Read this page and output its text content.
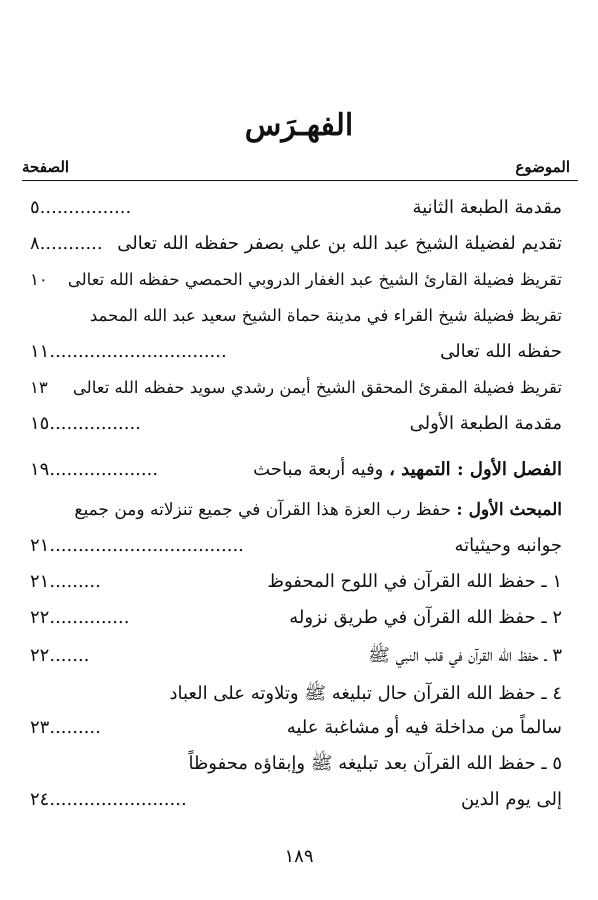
الفهـرَس
الموضوع
الصفحة
مقدمة الطبعة الثانية
٥................
تقديم لفضيلة الشيخ عبد الله بن علي بصفر حفظه الله تعالى
٨...........
تقريظ فضيلة القارئ الشيخ عبد الغفار الدروبي الحمصي حفظه الله تعالى
١٠
تقريظ فضيلة شيخ القراء في مدينة حماة الشيخ سعيد عبد الله المحمد
حفظه الله تعالى
١١...............................
تقريظ فضيلة المقرئ المحقق الشيخ أيمن رشدي سويد حفظه الله تعالى
١٣
مقدمة الطبعة الأولى
١٥................
الفصل الأول : التمهيد ، وفيه أربعة مباحث
١٩...................
المبحث الأول : حفظ رب العزة هذا القرآن في جميع تنزلاته ومن جميع
جوانبه وحيثياته
٢١..................................
١ ـ حفظ الله القرآن في اللوح المحفوظ
٢١.........
٢ ـ حفظ الله القرآن في طريق نزوله
٢٢..............
٣ ـ حفظ الله القرآن في قلب النبي ﷺ
٢٢.......
٤ ـ حفظ الله القرآن حال تبليغه ﷺ وتلاوته على العباد
سالماً من مداخلة فيه أو مشاغبة عليه
٢٣.........
٥ ـ حفظ الله القرآن بعد تبليغه ﷺ وإبقاؤه محفوظاً
إلى يوم الدين
٢٤........................
١٨٩
